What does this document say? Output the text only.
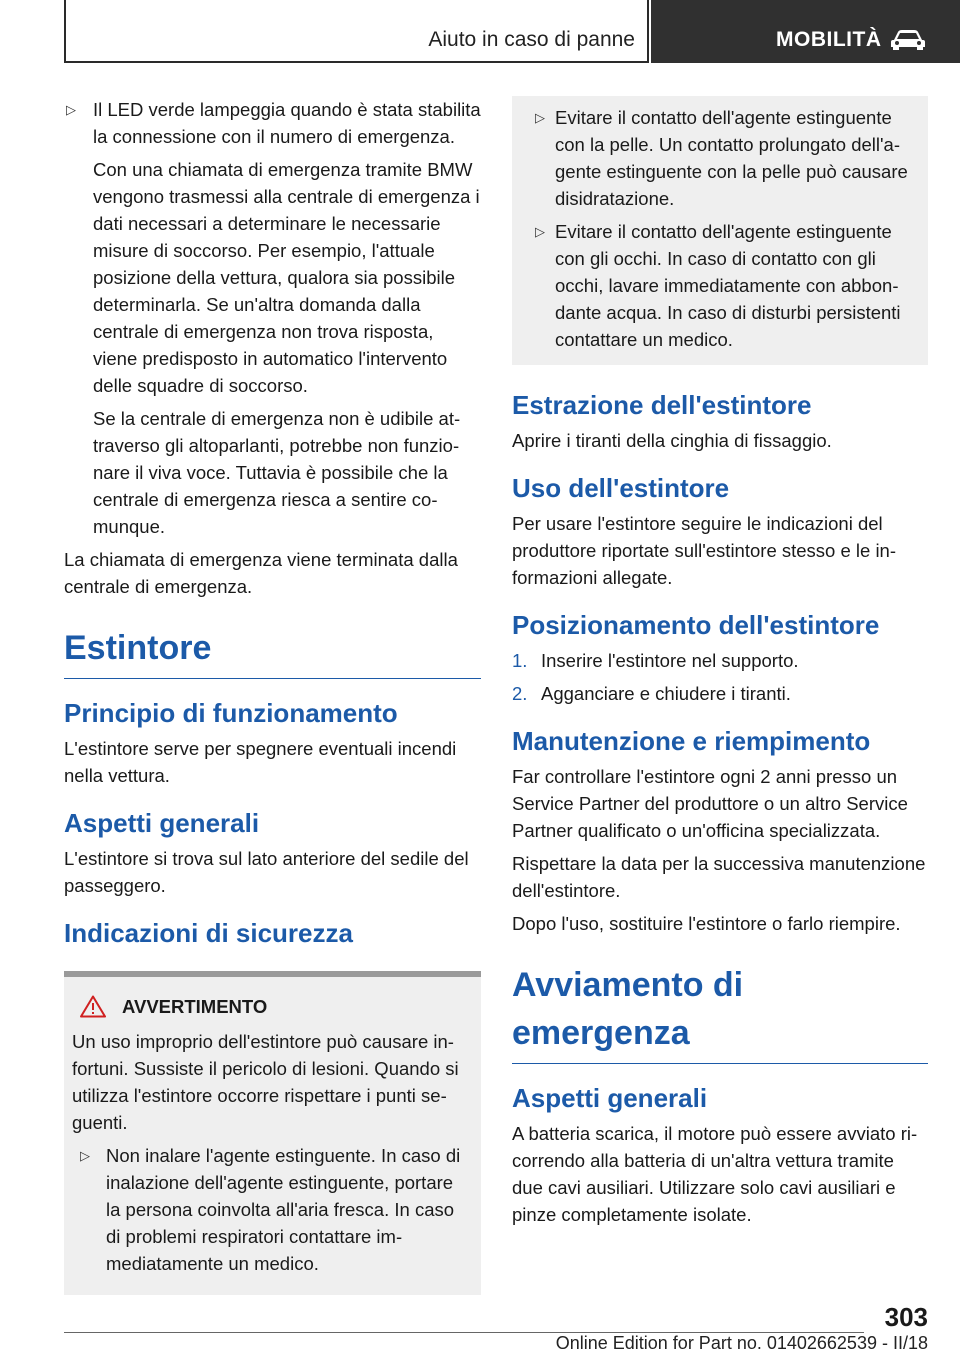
Aiuto in caso di panne	MOBILITÀ
▷ Il LED verde lampeggia quando è stata stabilita la connessione con il numero di emergenza.

Con una chiamata di emergenza tramite BMW vengono trasmessi alla centrale di emergenza i dati necessari a determinare le necessarie misure di soccorso. Per esempio, l'attuale posizione della vettura, qualora sia possibile determinarla. Se un'altra domanda dalla centrale di emergenza non trova risposta, viene predisposto in automatico l'intervento delle squadre di soccorso.

Se la centrale di emergenza non è udibile attraverso gli altoparlanti, potrebbe non funzionare il viva voce. Tuttavia è possibile che la centrale di emergenza riesca a sentire comunque.

La chiamata di emergenza viene terminata dalla centrale di emergenza.

Estintore
Principio di funzionamento

L'estintore serve per spegnere eventuali incendi nella vettura.

Aspetti generali

L'estintore si trova sul lato anteriore del sedile del passeggero.

Indicazioni di sicurezza
AVVERTIMENTO

Un uso improprio dell'estintore può causare infortuni. Sussiste il pericolo di lesioni. Quando si utilizza l'estintore occorre rispettare i punti seguenti.

▷ Non inalare l'agente estinguente. In caso di inalazione dell'agente estinguente, portare la persona coinvolta all'aria fresca. In caso di problemi respiratori contattare immediatamente un medico.

▷ Evitare il contatto dell'agente estinguente con la pelle. Un contatto prolungato dell'agente estinguente con la pelle può causare disidratazione.

▷ Evitare il contatto dell'agente estinguente con gli occhi. In caso di contatto con gli occhi, lavare immediatamente con abbondante acqua. In caso di disturbi persistenti contattare un medico.

Estrazione dell'estintore

Aprire i tiranti della cinghia di fissaggio.

Uso dell'estintore

Per usare l'estintore seguire le indicazioni del produttore riportate sull'estintore stesso e le informazioni allegate.

Posizionamento dell'estintore
1. Inserire l'estintore nel supporto.
2. Agganciare e chiudere i tiranti.
Manutenzione e riempimento

Far controllare l'estintore ogni 2 anni presso un Service Partner del produttore o un altro Service Partner qualificato o un'officina specializzata.

Rispettare la data per la successiva manutenzione dell'estintore.

Dopo l'uso, sostituire l'estintore o farlo riempire.

Avviamento di emergenza
Aspetti generali

A batteria scarica, il motore può essere avviato ricorrendo alla batteria di un'altra vettura tramite due cavi ausiliari. Utilizzare solo cavi ausiliari e pinze completamente isolate.

303
Online Edition for Part no. 01402662539 - II/18
